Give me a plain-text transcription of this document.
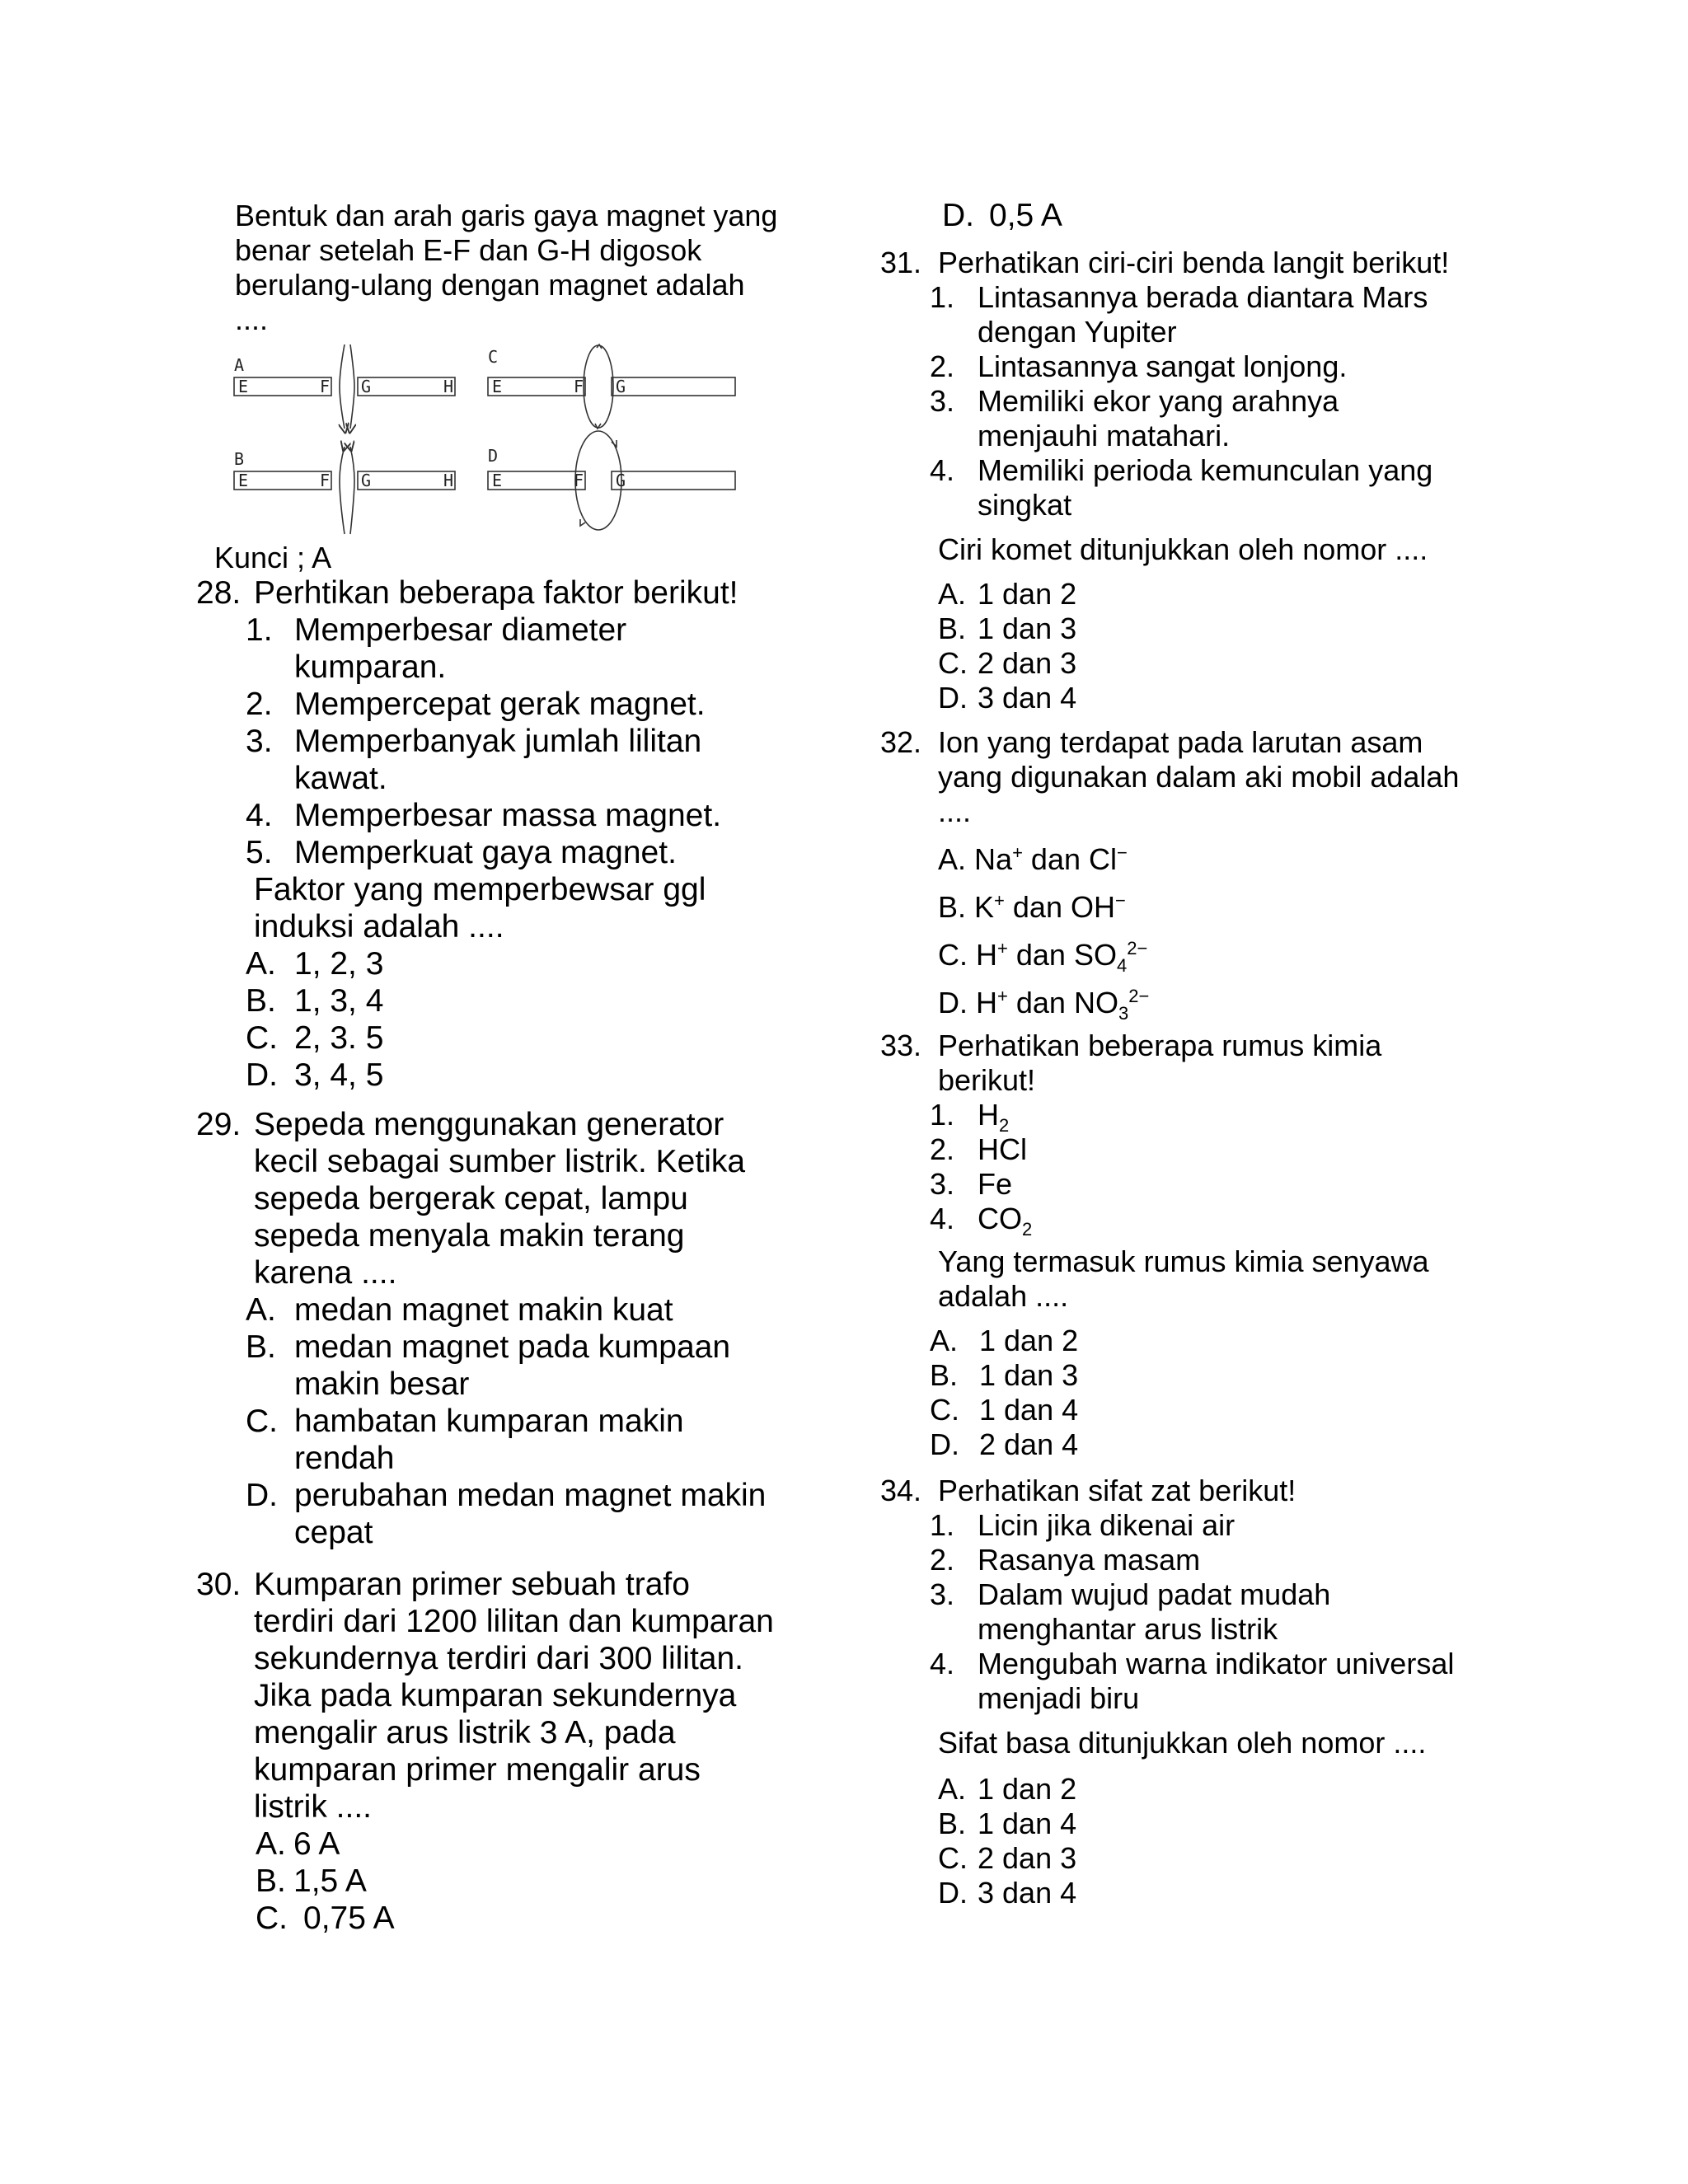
Bentuk dan arah garis gaya magnet yang
benar setelah E-F dan G-H digosok
berulang-ulang dengan magnet adalah
....
A
E	F G	H
B
E	F G	H
C
E	F G
D
E	F G
Kunci ; A
28. Perhtikan beberapa faktor berikut!
1. Memperbesar diameter
kumparan.
2. Mempercepat gerak magnet.
3. Memperbanyak jumlah lilitan
kawat.
4. Memperbesar massa magnet.
5. Memperkuat gaya magnet.
Faktor yang memperbewsar ggl
induksi adalah ....
A. 1, 2, 3
B. 1, 3, 4
C. 2, 3. 5
D. 3, 4, 5
29. Sepeda menggunakan generator
kecil sebagai sumber listrik. Ketika
sepeda bergerak cepat, lampu
sepeda menyala makin terang
karena ....
A. medan magnet makin kuat
B. medan magnet pada kumpaan
makin besar
C. hambatan kumparan makin
rendah
D. perubahan medan magnet makin
cepat
30. Kumparan primer sebuah trafo
terdiri dari 1200 lilitan dan kumparan
sekundernya terdiri dari 300 lilitan.
Jika pada kumparan sekundernya
mengalir arus listrik 3 A, pada
kumparan primer mengalir arus
listrik ....
A. 6 A
B. 1,5 A
C. 0,75 A
D. 0,5 A
31. Perhatikan ciri-ciri benda langit berikut!
1. Lintasannya berada diantara Mars
dengan Yupiter
2. Lintasannya sangat lonjong.
3. Memiliki ekor yang arahnya
menjauhi matahari.
4. Memiliki perioda kemunculan yang
singkat
Ciri komet ditunjukkan oleh nomor ....
A. 1 dan 2
B. 1 dan 3
C. 2 dan 3
D. 3 dan 4
32. Ion yang terdapat pada larutan asam
yang digunakan dalam aki mobil adalah
....
A. Na+ dan Cl−
B. K+ dan OH−
C. H+ dan $SO_4^{2-}$
D. H+ dan $NO_3^{2-}$
33. Perhatikan beberapa rumus kimia
berikut!
1. $H_2$
2. HCl
3. Fe
4. $CO_2$
Yang termasuk rumus kimia senyawa
adalah ....
A. 1 dan 2
B. 1 dan 3
C. 1 dan 4
D. 2 dan 4
34. Perhatikan sifat zat berikut!
1. Licin jika dikenai air
2. Rasanya masam
3. Dalam wujud padat mudah
menghantar arus listrik
4. Mengubah warna indikator universal
menjadi biru
Sifat basa ditunjukkan oleh nomor ....
A. 1 dan 2
B. 1 dan 4
C. 2 dan 3
D. 3 dan 4
